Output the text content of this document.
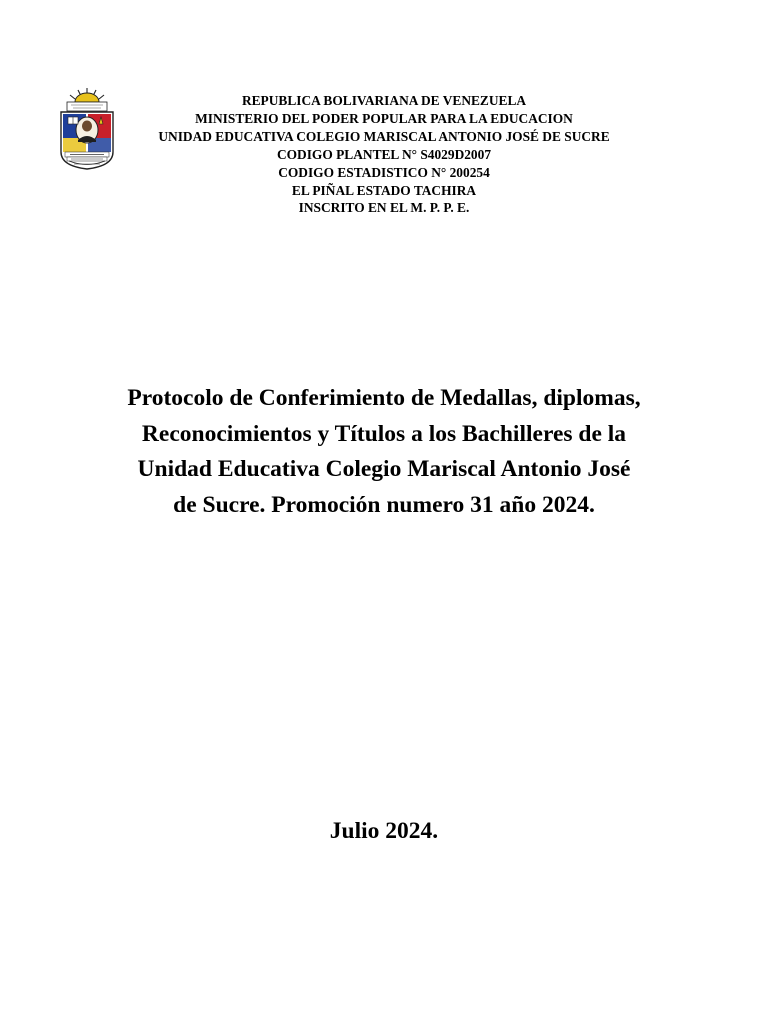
REPUBLICA BOLIVARIANA DE VENEZUELA
MINISTERIO DEL PODER POPULAR PARA LA EDUCACION
UNIDAD EDUCATIVA COLEGIO MARISCAL ANTONIO JOSÉ DE SUCRE
CODIGO PLANTEL N° S4029D2007
CODIGO ESTADISTICO N° 200254
EL PIÑAL ESTADO TACHIRA
INSCRITO EN EL M. P. P. E.
Protocolo de Conferimiento de Medallas, diplomas,
Reconocimientos y Títulos a los Bachilleres de la
Unidad Educativa Colegio Mariscal Antonio José
de Sucre. Promoción numero 31 año 2024.
Julio 2024.
